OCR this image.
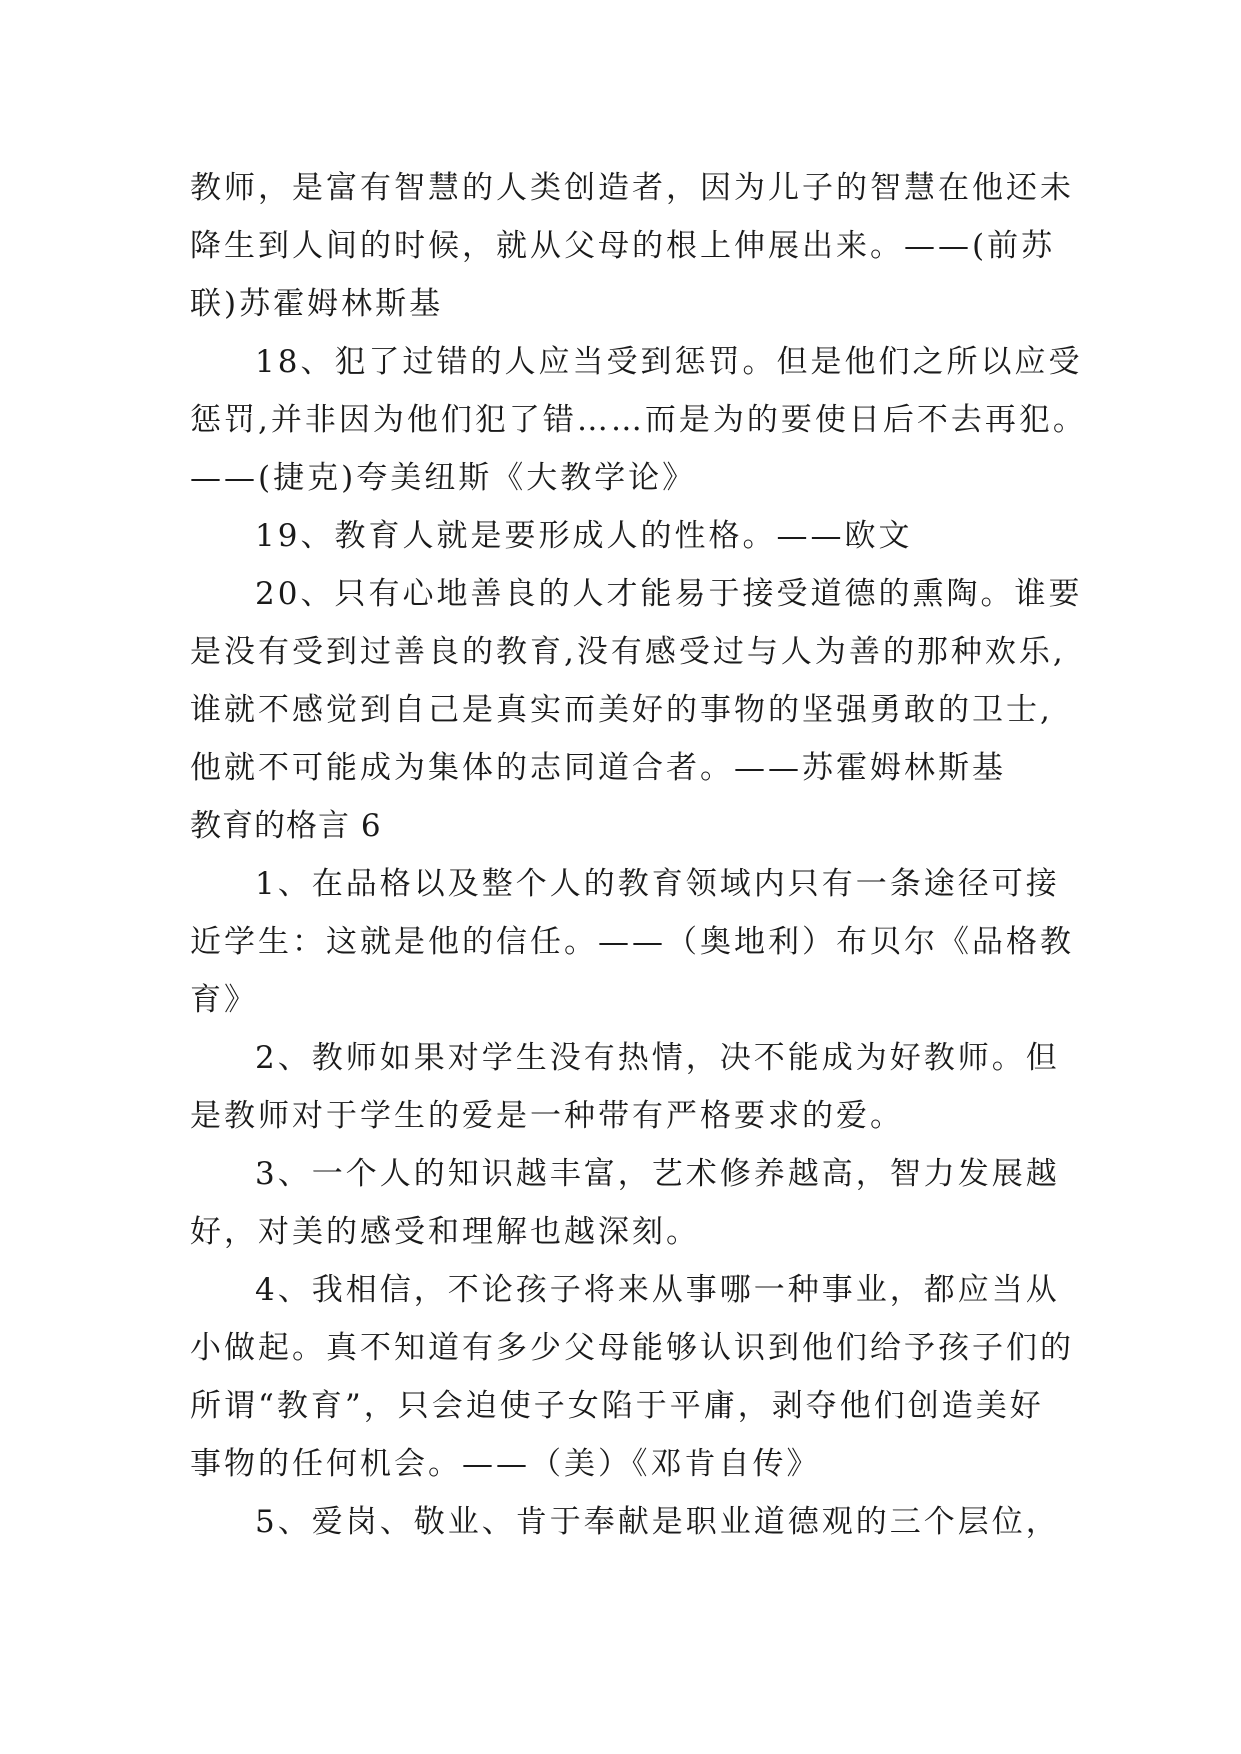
教师，是富有智慧的人类创造者，因为儿子的智慧在他还未
降生到人间的时候，就从父母的根上伸展出来。——(前苏
联)苏霍姆林斯基
18、犯了过错的人应当受到惩罚。但是他们之所以应受
惩罚,并非因为他们犯了错……而是为的要使日后不去再犯。
——(捷克)夸美纽斯《大教学论》
19、教育人就是要形成人的性格。——欧文
20、只有心地善良的人才能易于接受道德的熏陶。谁要
是没有受到过善良的教育,没有感受过与人为善的那种欢乐,
谁就不感觉到自己是真实而美好的事物的坚强勇敢的卫士,
他就不可能成为集体的志同道合者。——苏霍姆林斯基
教育的格言 6
1、在品格以及整个人的教育领域内只有一条途径可接
近学生：这就是他的信任。——（奥地利）布贝尔《品格教
育》
2、教师如果对学生没有热情，决不能成为好教师。但
是教师对于学生的爱是一种带有严格要求的爱。
3、一个人的知识越丰富，艺术修养越高，智力发展越
好，对美的感受和理解也越深刻。
4、我相信，不论孩子将来从事哪一种事业，都应当从
小做起。真不知道有多少父母能够认识到他们给予孩子们的
所谓“教育”，只会迫使子女陷于平庸，剥夺他们创造美好
事物的任何机会。——（美）《邓肯自传》
5、爱岗、敬业、肯于奉献是职业道德观的三个层位，
